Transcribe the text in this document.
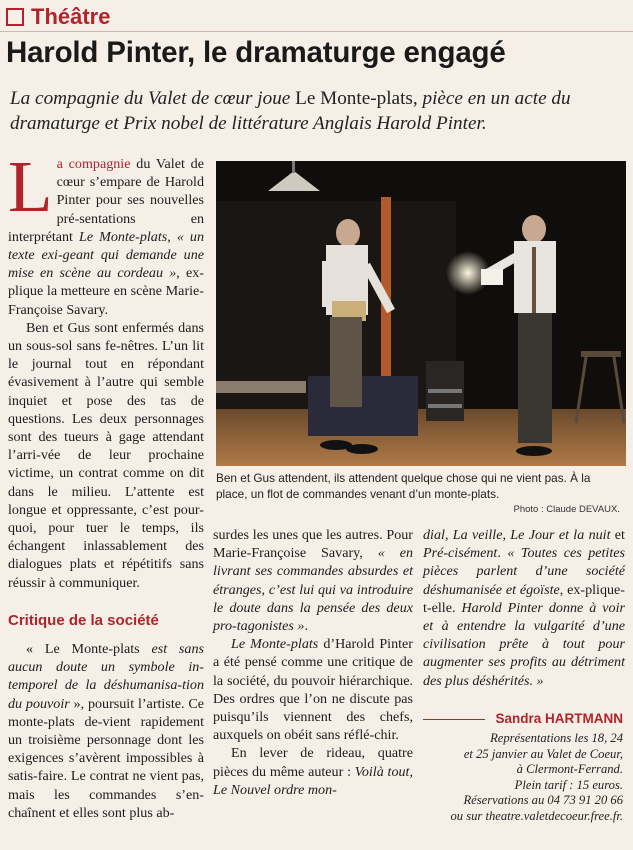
Théâtre
Harold Pinter, le dramaturge engagé
La compagnie du Valet de cœur joue Le Monte-plats, pièce en un acte du dramaturge et Prix nobel de littérature Anglais Harold Pinter.

La compagnie du Valet de cœur s’empare de Harold Pinter pour ses nouvelles pré-sentations en interprétant Le Monte-plats, « un texte exi-geant qui demande une mise en scène au cordeau », ex-plique la metteure en scène Marie-Françoise Savary.

Ben et Gus sont enfermés dans un sous-sol sans fe-nêtres. L’un lit le journal tout en répondant évasivement à l’autre qui semble inquiet et pose des tas de questions. Les deux personnages sont des tueurs à gage attendant l’arri-vée de leur prochaine victime, un contrat comme on dit dans le milieu. L’attente est longue et oppressante, c’est pour-quoi, pour tuer le temps, ils échangent inlassablement des dialogues plats et répétitifs sans réussir à communiquer.

Critique de la société

« Le Monte-plats est sans aucun doute un symbole in-temporel de la déshumanisa-tion du pouvoir », poursuit l’artiste. Ce monte-plats de-vient rapidement un troisième personnage dont les exigences s’avèrent impossibles à satis-faire. Le contrat ne vient pas, mais les commandes s’en-chaînent et elles sont plus ab-

Ben et Gus attendent, ils attendent quelque chose qui ne vient pas. À la place, un flot de commandes venant d’un monte-plats.
Photo : Claude DEVAUX.

surdes les unes que les autres. Pour Marie-Françoise Savary, « en livrant ses commandes absurdes et étranges, c’est lui qui va introduire le doute dans la pensée des deux pro-tagonistes ».

Le Monte-plats d’Harold Pinter a été pensé comme une critique de la société, du pouvoir hiérarchique. Des ordres que l’on ne discute pas puisqu’ils viennent des chefs, auxquels on obéit sans réflé-chir.

En lever de rideau, quatre pièces du même auteur : Voilà tout, Le Nouvel ordre mon-

dial, La veille, Le Jour et la nuit et Pré-cisément. « Toutes ces petites pièces parlent d’une société déshumanisée et égoïste, ex-plique-t-elle. Harold Pinter donne à voir et à entendre la vulgarité d’une civilisation prête à tout pour augmenter ses profits au détriment des plus déshérités. »

Sandra HARTMANN
Représentations les 18, 24
et 25 janvier au Valet de Coeur,
à Clermont-Ferrand.
Plein tarif : 15 euros.
Réservations au 04 73 91 20 66
ou sur theatre.valetdecoeur.free.fr.
